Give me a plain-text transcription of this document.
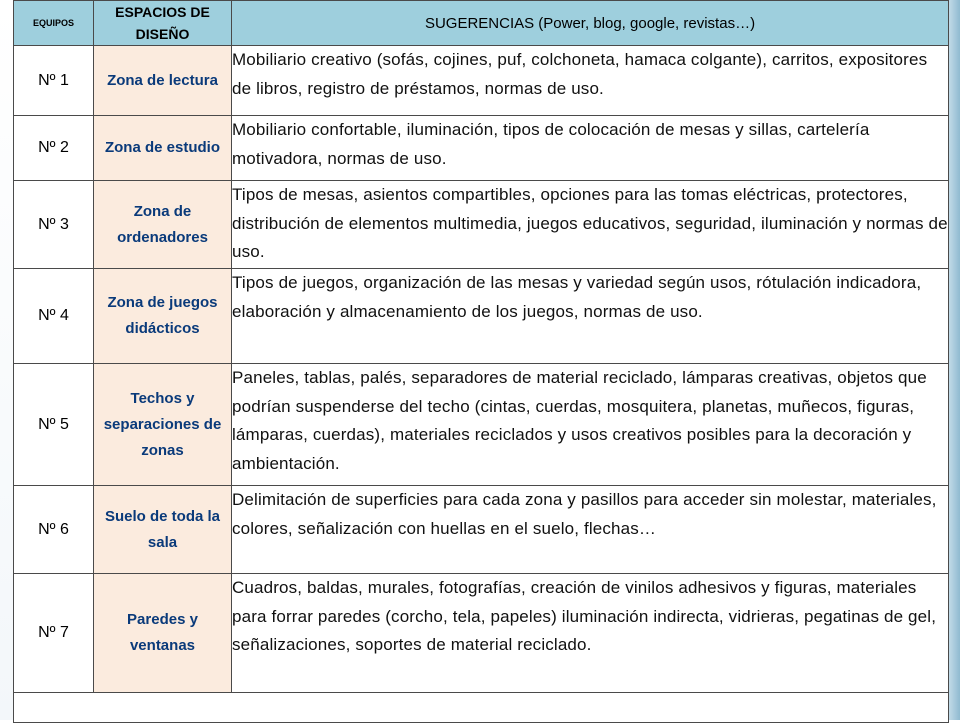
EQUIPOS	ESPACIOS DE DISEÑO	SUGERENCIAS (Power, blog, google, revistas…)
Nº 1	Zona de lectura	Mobiliario creativo (sofás, cojines, puf, colchoneta, hamaca colgante), carritos, expositores de libros, registro de préstamos, normas de uso.
Nº 2	Zona de estudio	Mobiliario confortable, iluminación, tipos de colocación de mesas y sillas, cartelería motivadora, normas de uso.
Nº 3	Zona de ordenadores	Tipos de mesas, asientos compartibles, opciones para las tomas eléctricas, protectores, distribución de elementos multimedia, juegos educativos, seguridad, iluminación y normas de uso.
Nº 4	Zona de juegos didácticos	Tipos de juegos, organización de las mesas y variedad según usos, rótulación indicadora, elaboración y almacenamiento de los juegos, normas de uso.
Nº 5	Techos y separaciones de zonas	Paneles, tablas, palés, separadores de material reciclado, lámparas creativas, objetos que podrían suspenderse del techo (cintas, cuerdas, mosquitera, planetas, muñecos, figuras, lámparas, cuerdas), materiales reciclados y usos creativos posibles para la decoración y ambientación.
Nº 6	Suelo de toda la sala	Delimitación de superficies para cada zona y pasillos para acceder sin molestar, materiales, colores, señalización con huellas en el suelo, flechas…
Nº 7	Paredes y ventanas	Cuadros, baldas, murales, fotografías, creación de vinilos adhesivos y figuras, materiales para forrar paredes (corcho, tela, papeles) iluminación indirecta, vidrieras, pegatinas de gel, señalizaciones, soportes de material reciclado.
